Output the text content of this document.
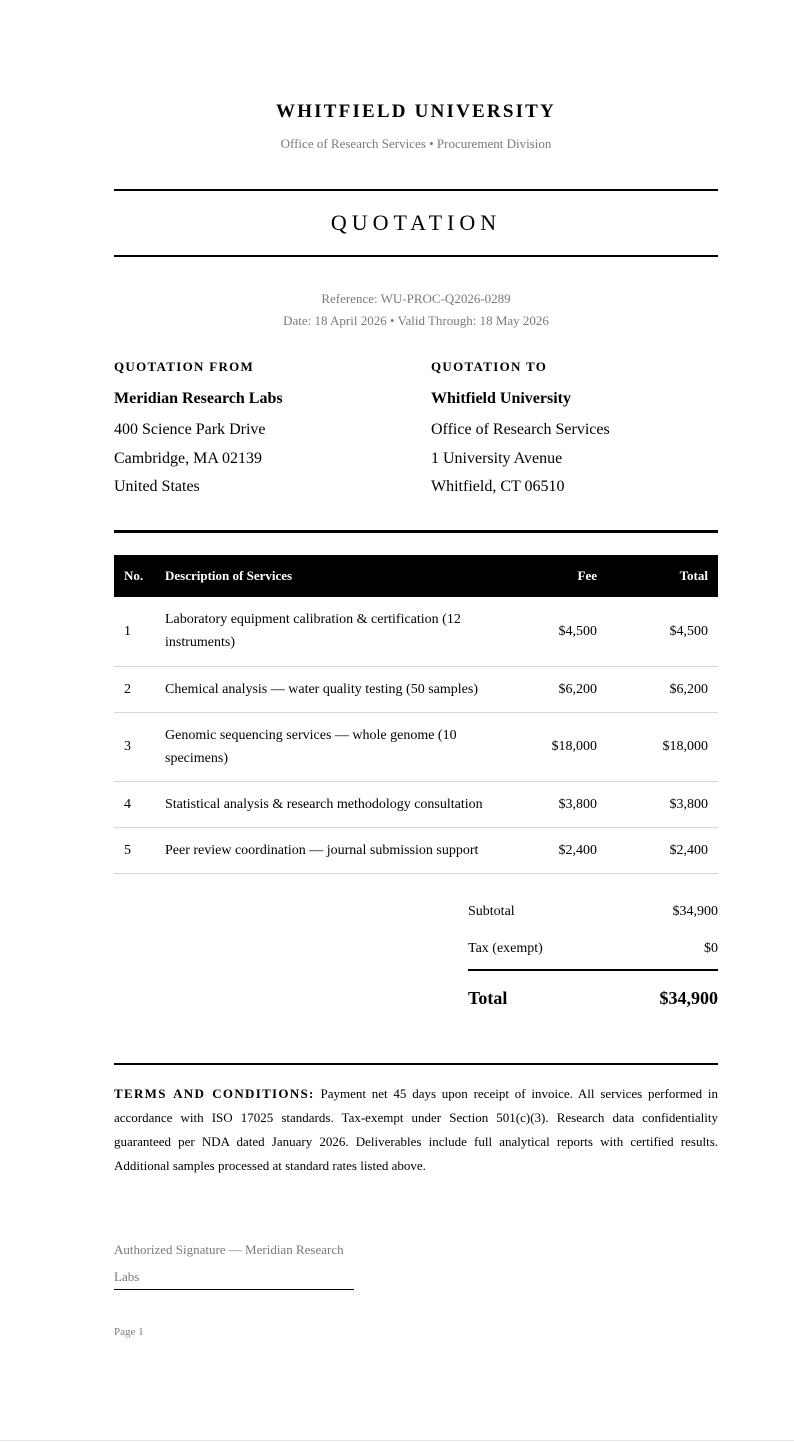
WHITFIELD UNIVERSITY
Office of Research Services • Procurement Division
QUOTATION
Reference: WU-PROC-Q2026-0289
Date: 18 April 2026 • Valid Through: 18 May 2026
QUOTATION FROM
Meridian Research Labs
400 Science Park Drive
Cambridge, MA 02139
United States
QUOTATION TO
Whitfield University
Office of Research Services
1 University Avenue
Whitfield, CT 06510
No.	Description of Services	Fee	Total
1	Laboratory equipment calibration & certification (12 instruments)	$4,500	$4,500
2	Chemical analysis — water quality testing (50 samples)	$6,200	$6,200
3	Genomic sequencing services — whole genome (10 specimens)	$18,000	$18,000
4	Statistical analysis & research methodology consultation	$3,800	$3,800
5	Peer review coordination — journal submission support	$2,400	$2,400
Subtotal	$34,900
Tax (exempt)	$0
Total	$34,900
TERMS AND CONDITIONS: Payment net 45 days upon receipt of invoice. All services performed in accordance with ISO 17025 standards. Tax-exempt under Section 501(c)(3). Research data confidentiality guaranteed per NDA dated January 2026. Deliverables include full analytical reports with certified results. Additional samples processed at standard rates listed above.
Authorized Signature — Meridian Research Labs
Page 1
